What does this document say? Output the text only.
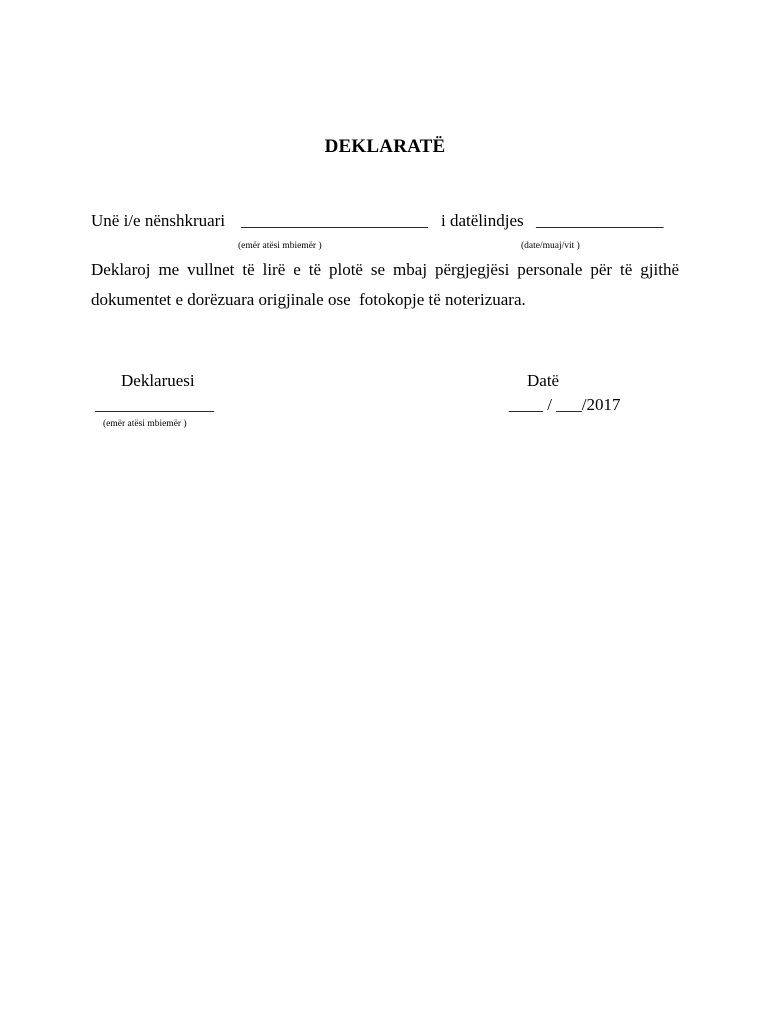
DEKLARATË
Unë i/e nënshkruari ______________________ i datëlindjes _______________
(emër atësi mbiemër )	(date/muaj/vit )
Deklaroj me vullnet të lirë e të plotë se mbaj përgjegjësi personale për të gjithë
dokumentet e dorëzuara origjinale ose  fotokopje të noterizuara.
Deklaruesi
______________
(emër atësi mbiemër )
Datë
____ / ___/2017
